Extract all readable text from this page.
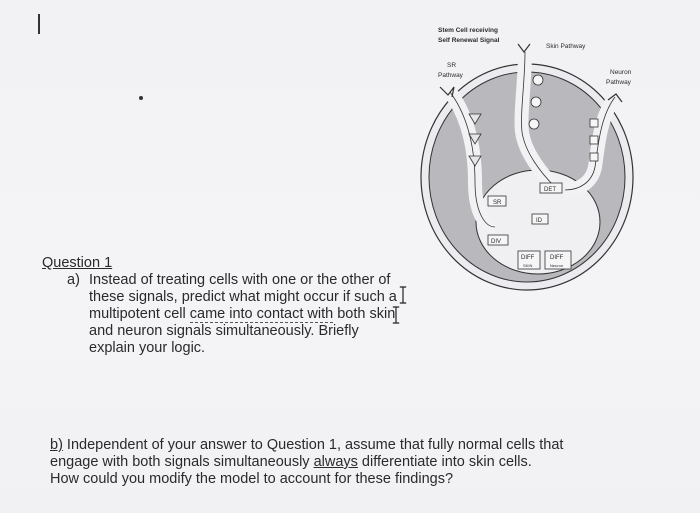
Stem Cell receiving
Self Renewal Signal
Skin Pathway
SR
Pathway	Neuron
Pathway
DET
SR
ID
DIV
DIFF
SKIN
DIFF
Neuron
Question 1
a) Instead of treating cells with one or the other of
these signals, predict what might occur if such a
multipotent cell came into contact with both skin
and neuron signals simultaneously. Briefly
explain your logic.
b) Independent of your answer to Question 1, assume that fully normal cells that
engage with both signals simultaneously always differentiate into skin cells.
How could you modify the model to account for these findings?
